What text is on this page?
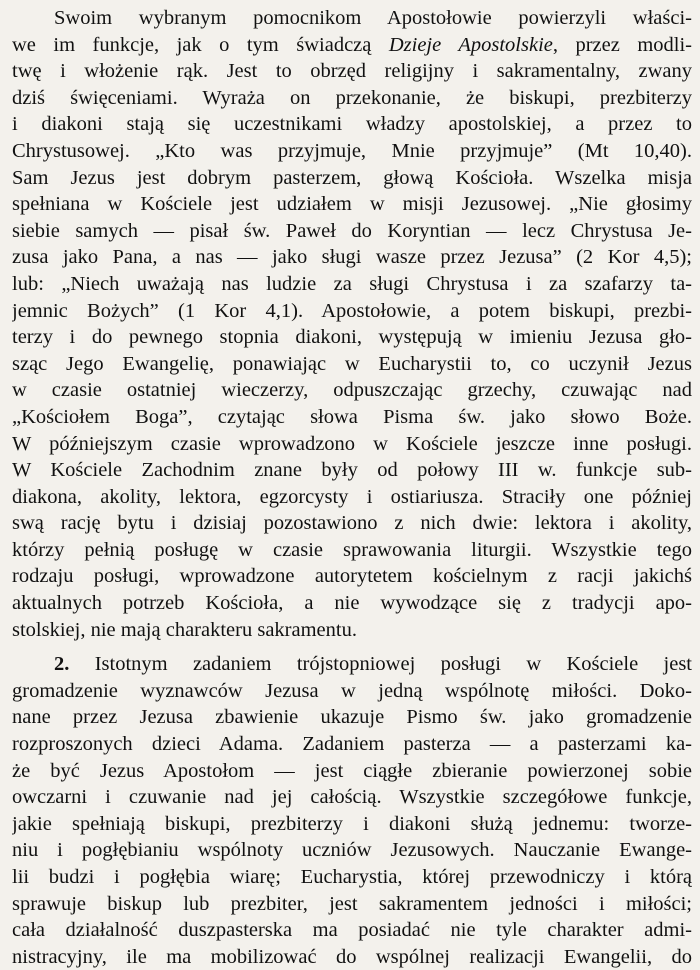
Swoim wybranym pomocnikom Apostołowie powierzyli właści-
we im funkcje, jak o tym świadczą Dzieje Apostolskie, przez modli-
twę i włożenie rąk. Jest to obrzęd religijny i sakramentalny, zwany
dziś święceniami. Wyraża on przekonanie, że biskupi, prezbiterzy
i diakoni stają się uczestnikami władzy apostolskiej, a przez to
Chrystusowej. „Kto was przyjmuje, Mnie przyjmuje” (Mt 10,40).
Sam Jezus jest dobrym pasterzem, głową Kościoła. Wszelka misja
spełniana w Kościele jest udziałem w misji Jezusowej. „Nie głosimy
siebie samych — pisał św. Paweł do Koryntian — lecz Chrystusa Je-
zusa jako Pana, a nas — jako sługi wasze przez Jezusa” (2 Kor 4,5);
lub: „Niech uważają nas ludzie za sługi Chrystusa i za szafarzy ta-
jemnic Bożych” (1 Kor 4,1). Apostołowie, a potem biskupi, prezbi-
terzy i do pewnego stopnia diakoni, występują w imieniu Jezusa gło-
sząc Jego Ewangelię, ponawiając w Eucharystii to, co uczynił Jezus
w czasie ostatniej wieczerzy, odpuszczając grzechy, czuwając nad
„Kościołem Boga”, czytając słowa Pisma św. jako słowo Boże.
W późniejszym czasie wprowadzono w Kościele jeszcze inne posługi.
W Kościele Zachodnim znane były od połowy III w. funkcje sub-
diakona, akolity, lektora, egzorcysty i ostiariusza. Straciły one później
swą rację bytu i dzisiaj pozostawiono z nich dwie: lektora i akolity,
którzy pełnią posługę w czasie sprawowania liturgii. Wszystkie tego
rodzaju posługi, wprowadzone autorytetem kościelnym z racji jakichś
aktualnych potrzeb Kościoła, a nie wywodzące się z tradycji apo-
stolskiej, nie mają charakteru sakramentu.
2. Istotnym zadaniem trójstopniowej posługi w Kościele jest
gromadzenie wyznawców Jezusa w jedną wspólnotę miłości. Doko-
nane przez Jezusa zbawienie ukazuje Pismo św. jako gromadzenie
rozproszonych dzieci Adama. Zadaniem pasterza — a pasterzami ka-
że być Jezus Apostołom — jest ciągłe zbieranie powierzonej sobie
owczarni i czuwanie nad jej całością. Wszystkie szczegółowe funkcje,
jakie spełniają biskupi, prezbiterzy i diakoni służą jednemu: tworze-
niu i pogłębianiu wspólnoty uczniów Jezusowych. Nauczanie Ewange-
lii budzi i pogłębia wiarę; Eucharystia, której przewodniczy i którą
sprawuje biskup lub prezbiter, jest sakramentem jedności i miłości;
cała działalność duszpasterska ma posiadać nie tyle charakter admi-
nistracyjny, ile ma mobilizować do wspólnej realizacji Ewangelii, do
